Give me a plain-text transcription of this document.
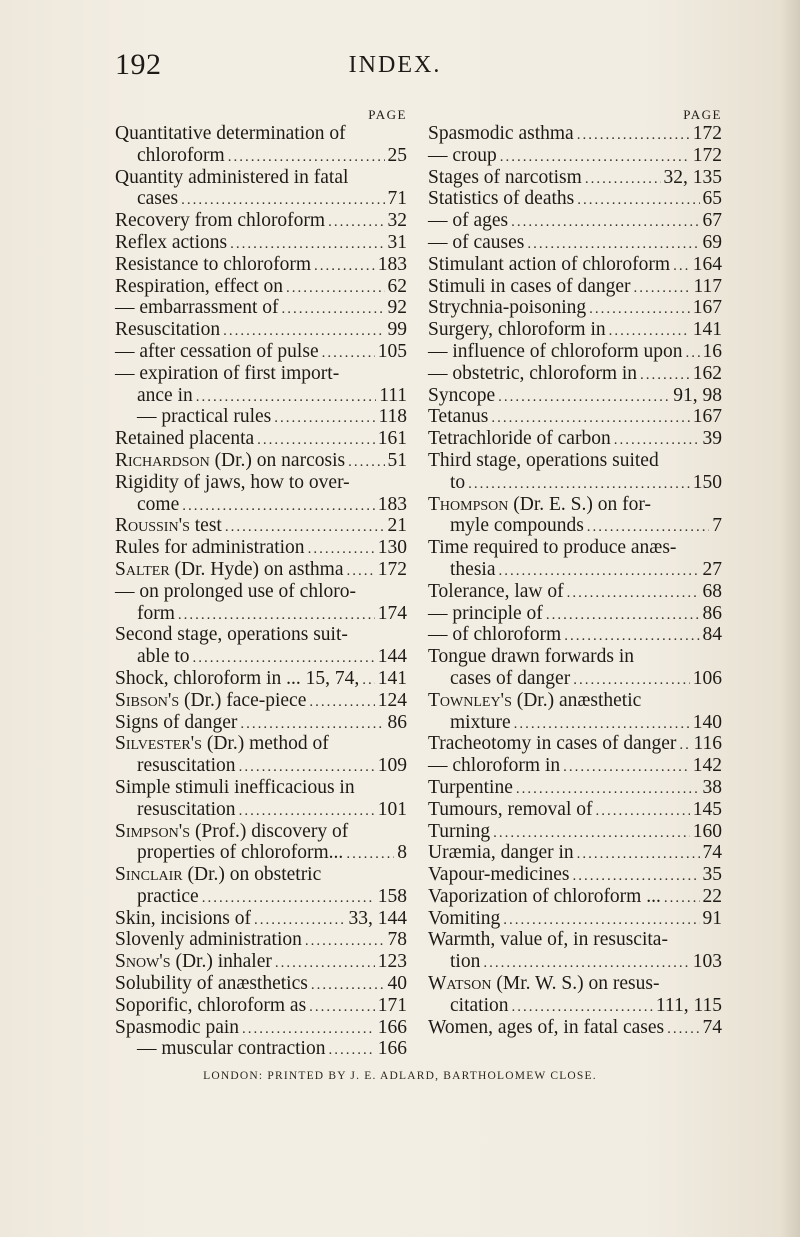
192	INDEX.
PAGE
Quantitative determination of
chloroform .....	25
Quantity administered in fatal
cases .....	71
Recovery from chloroform .....	32
Reflex actions .....	31
Resistance to chloroform .....	183
Respiration, effect on .....	62
— embarrassment of .....	92
Resuscitation .....	99
— after cessation of pulse .....	105
— expiration of first import-
ance in .....	111
— practical rules .....	118
Retained placenta .....	161
Richardson (Dr.) on narcosis ..... 51
Rigidity of jaws, how to over-
come .....	183
Roussin's test .....	21
Rules for administration .....	130
Salter (Dr. Hyde) on asthma ..... 172
— on prolonged use of chloro-
form .....	174
Second stage, operations suit-
able to .....	144
Shock, chloroform in ... 15, 74, ..... 141
Sibson's (Dr.) face-piece .....	124
Signs of danger .....	86
Silvester's (Dr.) method of
resuscitation .....	109
Simple stimuli inefficacious in
resuscitation .....	101
Simpson's (Prof.) discovery of
properties of chloroform... .....	8
Sinclair (Dr.) on obstetric
practice .....	158
Skin, incisions of .....	33, 144
Slovenly administration .....	78
Snow's (Dr.) inhaler .....	123
Solubility of anæsthetics .....	40
Soporific, chloroform as .....	171
Spasmodic pain .....	166
— muscular contraction .....	166
PAGE
Spasmodic asthma .....	172
— croup .....	172
Stages of narcotism .....	32, 135
Statistics of deaths .....	65
— of ages .....	67
— of causes .....	69
Stimulant action of chloroform ..... 164
Stimuli in cases of danger .....	117
Strychnia-poisoning .....	167
Surgery, chloroform in .....	141
— influence of chloroform upon ..... 16
— obstetric, chloroform in .....	162
Syncope .....	91, 98
Tetanus .....	167
Tetrachloride of carbon .....	39
Third stage, operations suited
to .....	150
Thompson (Dr. E. S.) on for-
myle compounds .....	7
Time required to produce anæs-
thesia .....	27
Tolerance, law of .....	68
— principle of .....	86
— of chloroform .....	84
Tongue drawn forwards in
cases of danger .....	106
Townley's (Dr.) anæsthetic
mixture .....	140
Tracheotomy in cases of danger ..... 116
— chloroform in .....	142
Turpentine .....	38
Tumours, removal of .....	145
Turning .....	160
Uræmia, danger in .....	74
Vapour-medicines .....	35
Vaporization of chloroform ... ..... 22
Vomiting .....	91
Warmth, value of, in resuscita-
tion .....	103
Watson (Mr. W. S.) on resus-
citation .....	111, 115
Women, ages of, in fatal cases ..... 74
LONDON: PRINTED BY J. E. ADLARD, BARTHOLOMEW CLOSE.
